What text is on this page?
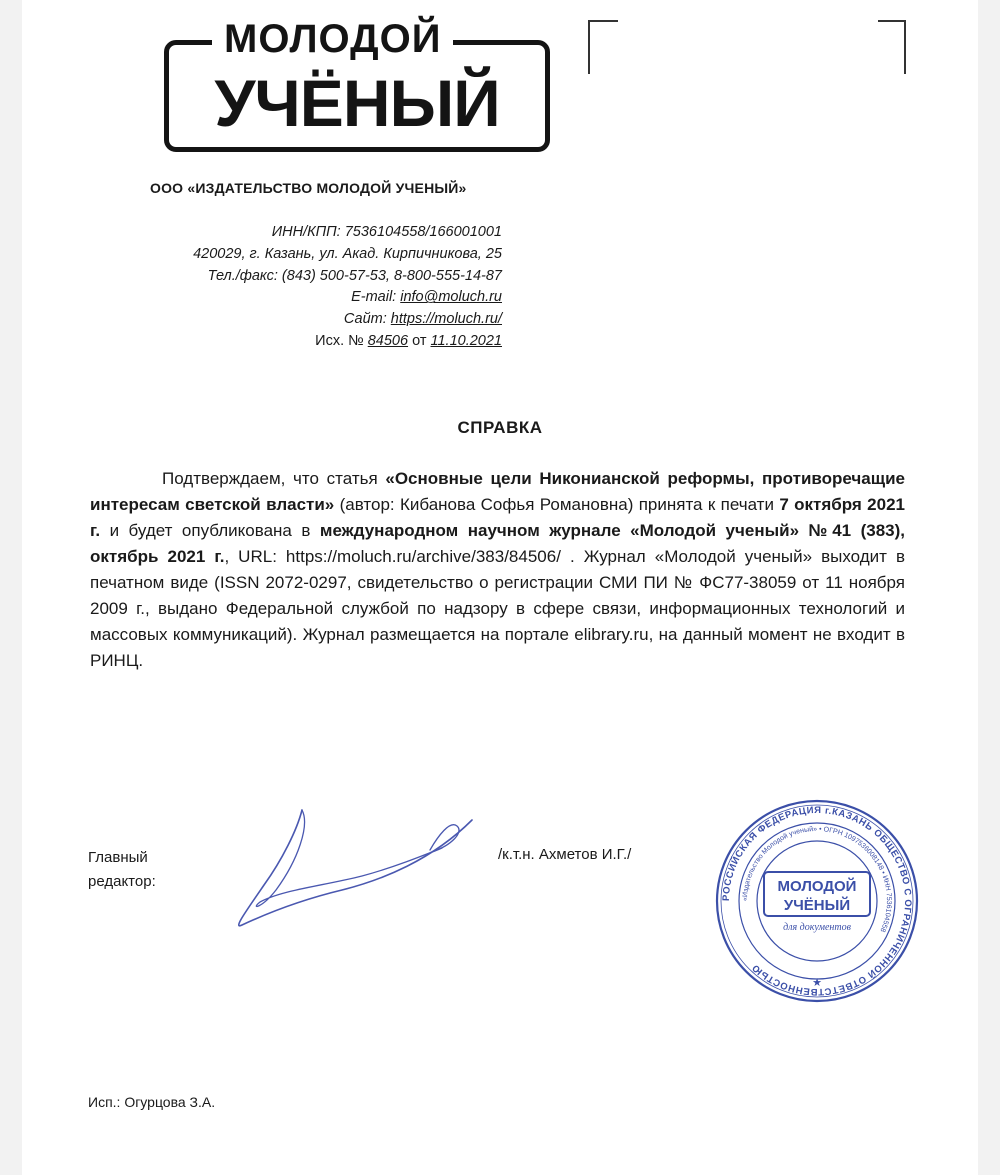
МОЛОДОЙ
УЧЁНЫЙ
ООО «ИЗДАТЕЛЬСТВО МОЛОДОЙ УЧЕНЫЙ»
ИНН/КПП: 7536104558/166001001
420029, г. Казань, ул. Акад. Кирпичникова, 25
Тел./факс: (843) 500-57-53, 8-800-555-14-87
E-mail: info@moluch.ru
Сайт: https://moluch.ru/
Исх. № 84506 от 11.10.2021
СПРАВКА

Подтверждаем, что статья «Основные цели Никонианской реформы, противоречащие интересам светской власти» (автор: Кибанова Софья Романовна) принята к печати 7 октября 2021 г. и будет опубликована в международном научном журнале «Молодой ученый» №41 (383), октябрь 2021 г., URL: https://moluch.ru/archive/383/84506/ . Журнал «Молодой ученый» выходит в печатном виде (ISSN 2072-0297, свидетельство о регистрации СМИ ПИ № ФС77-38059 от 11 ноября 2009 г., выдано Федеральной службой по надзору в сфере связи, информационных технологий и массовых коммуникаций). Журнал размещается на портале elibrary.ru, на данный момент не входит в РИНЦ.

Главный
редактор:
/к.т.н. Ахметов И.Г./
РОССИЙСКАЯ ФЕДЕРАЦИЯ г.КАЗАНЬ ОБЩЕСТВО С ОГРАНИЧЕННОЙ ОТВЕТСТВЕННОСТЬЮ
«Издательство Молодой ученый» • ОГРН 1097536008148 • ИНН 7536104558
МОЛОДОЙ
УЧЁНЫЙ
для документов
★
Исп.: Огурцова З.А.
